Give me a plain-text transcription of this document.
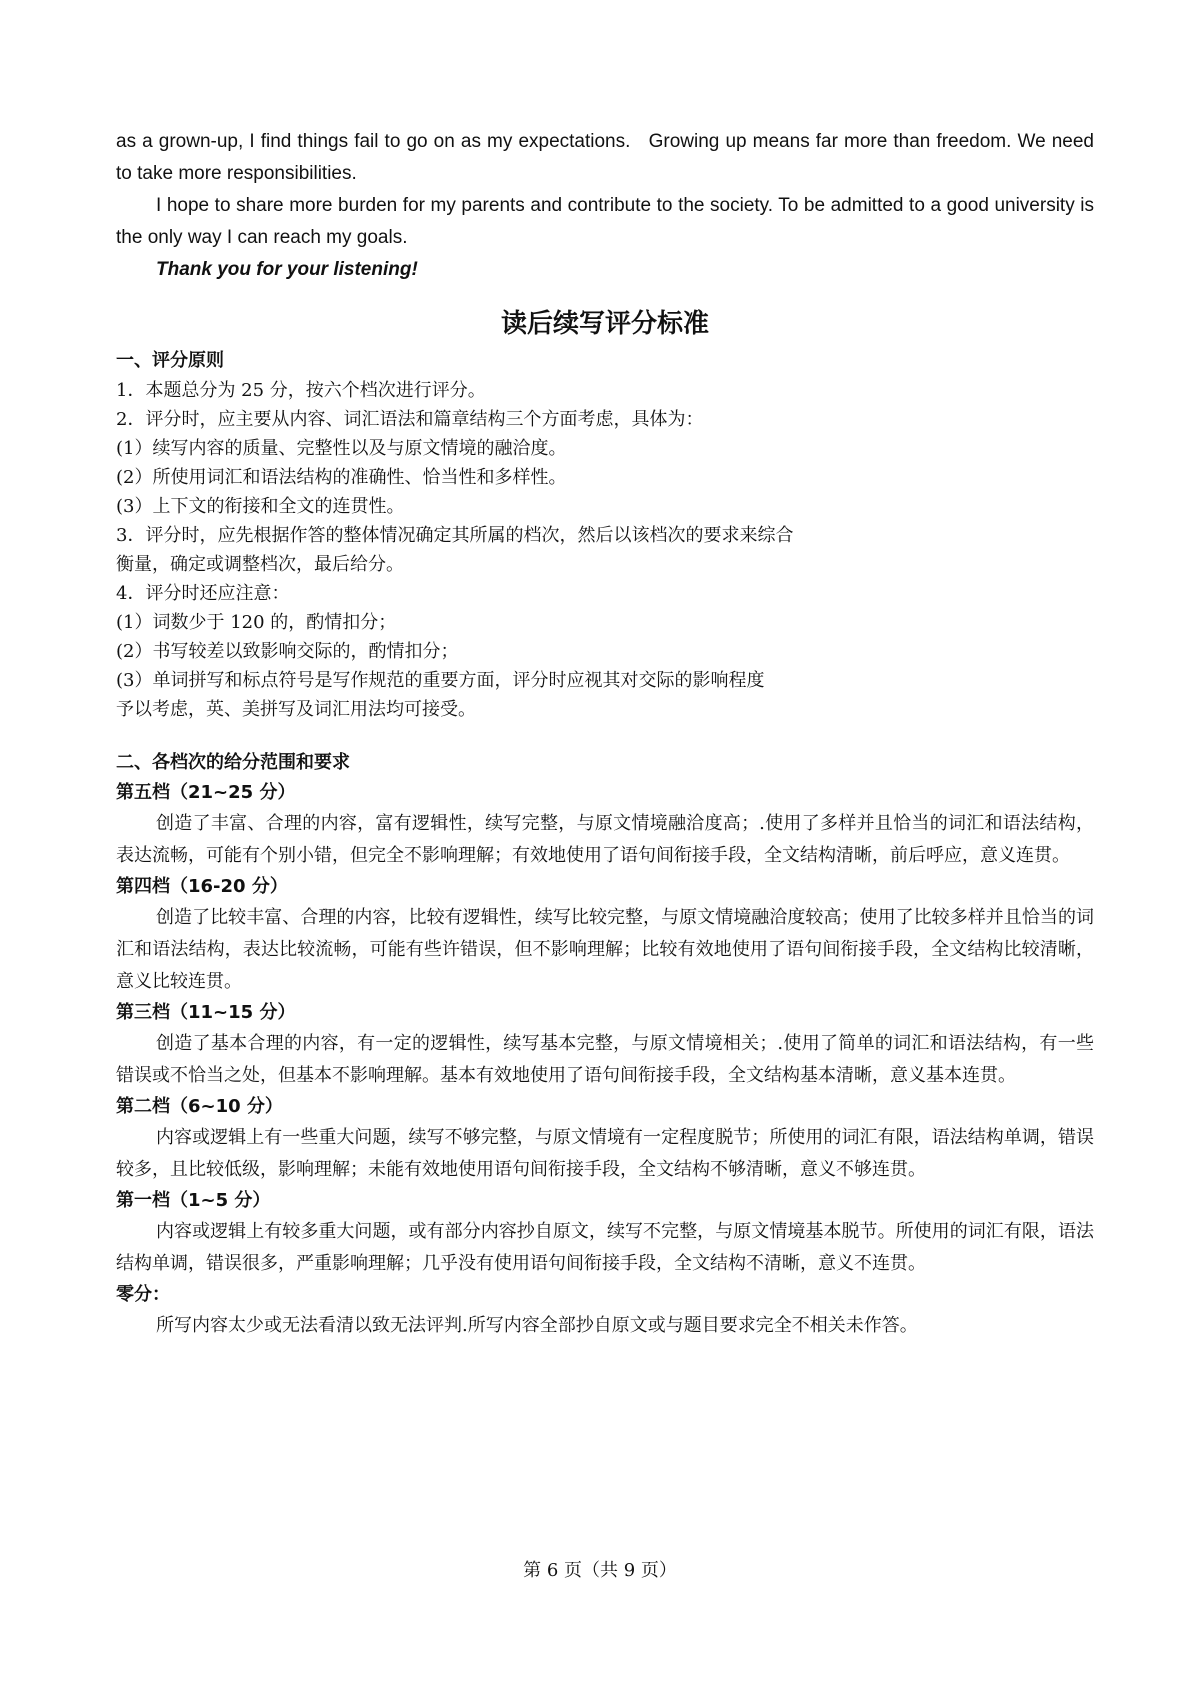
as a grown-up, I find things fail to go on as my expectations.   Growing up means far more than freedom. We need to take more responsibilities.
I hope to share more burden for my parents and contribute to the society. To be admitted to a good university is the only way I can reach my goals.
Thank you for your listening!
读后续写评分标准
一、评分原则
1．本题总分为 25 分，按六个档次进行评分。
2．评分时，应主要从内容、词汇语法和篇章结构三个方面考虑，具体为：
(1）续写内容的质量、完整性以及与原文情境的融洽度。
(2）所使用词汇和语法结构的准确性、恰当性和多样性。
(3）上下文的衔接和全文的连贯性。
3．评分时，应先根据作答的整体情况确定其所属的档次，然后以该档次的要求来综合
衡量，确定或调整档次，最后给分。
4．评分时还应注意：
(1）词数少于 120 的，酌情扣分；
(2）书写较差以致影响交际的，酌情扣分；
(3）单词拼写和标点符号是写作规范的重要方面，评分时应视其对交际的影响程度
予以考虑，英、美拼写及词汇用法均可接受。
二、各档次的给分范围和要求
第五档（21~25 分）
创造了丰富、合理的内容，富有逻辑性，续写完整，与原文情境融洽度高；.使用了多样并且恰当的词汇和语法结构，表达流畅，可能有个别小错，但完全不影响理解；有效地使用了语句间衔接手段，全文结构清晰，前后呼应，意义连贯。
第四档（16-20 分）
创造了比较丰富、合理的内容，比较有逻辑性，续写比较完整，与原文情境融洽度较高；使用了比较多样并且恰当的词汇和语法结构，表达比较流畅，可能有些许错误，但不影响理解；比较有效地使用了语句间衔接手段，全文结构比较清晰，意义比较连贯。
第三档（11~15 分）
创造了基本合理的内容，有一定的逻辑性，续写基本完整，与原文情境相关；.使用了简单的词汇和语法结构，有一些错误或不恰当之处，但基本不影响理解。基本有效地使用了语句间衔接手段，全文结构基本清晰，意义基本连贯。
第二档（6~10 分）
内容或逻辑上有一些重大问题，续写不够完整，与原文情境有一定程度脱节；所使用的词汇有限，语法结构单调，错误较多，且比较低级，影响理解；未能有效地使用语句间衔接手段，全文结构不够清晰，意义不够连贯。
第一档（1~5 分）
内容或逻辑上有较多重大问题，或有部分内容抄自原文，续写不完整，与原文情境基本脱节。所使用的词汇有限，语法结构单调，错误很多，严重影响理解；几乎没有使用语句间衔接手段，全文结构不清晰，意义不连贯。
零分：
所写内容太少或无法看清以致无法评判.所写内容全部抄自原文或与题目要求完全不相关未作答。
第 6 页（共 9 页）
